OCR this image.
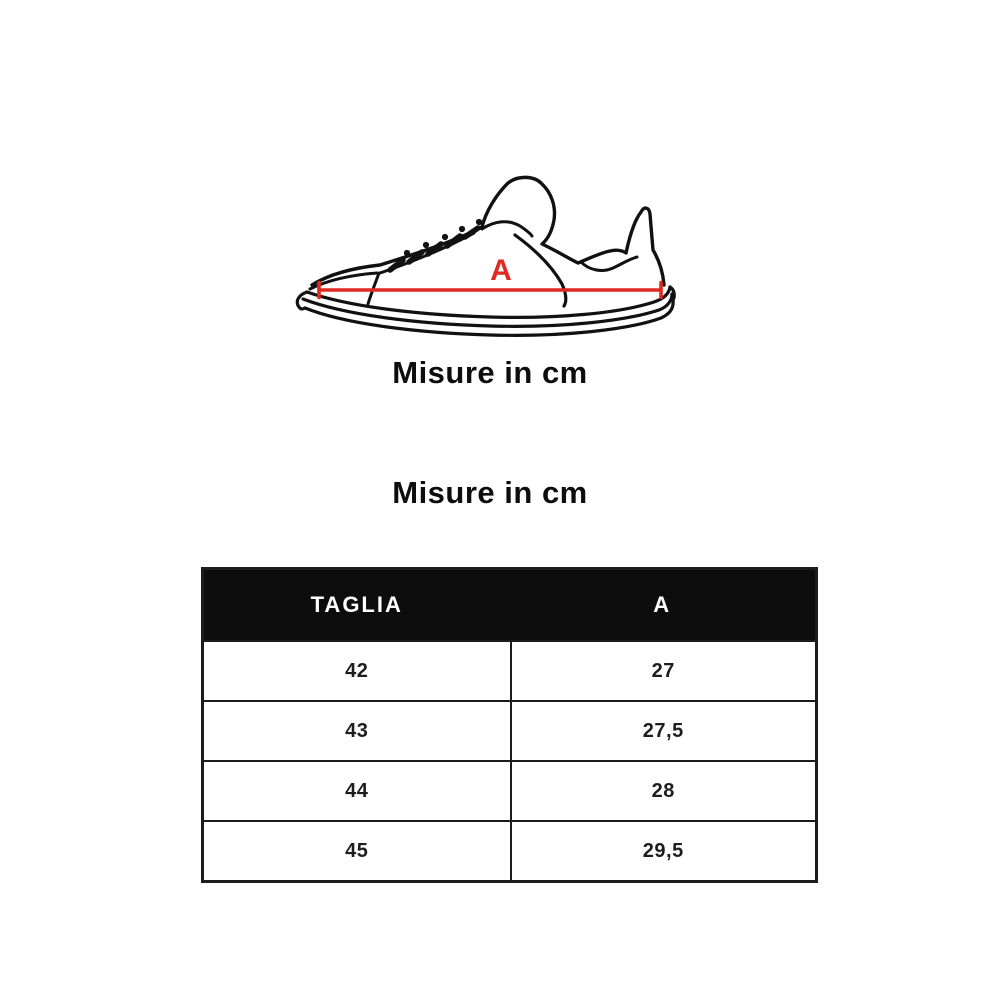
A
Misure in cm
Misure in cm
TAGLIA	A
42	27
43	27,5
44	28
45	29,5
